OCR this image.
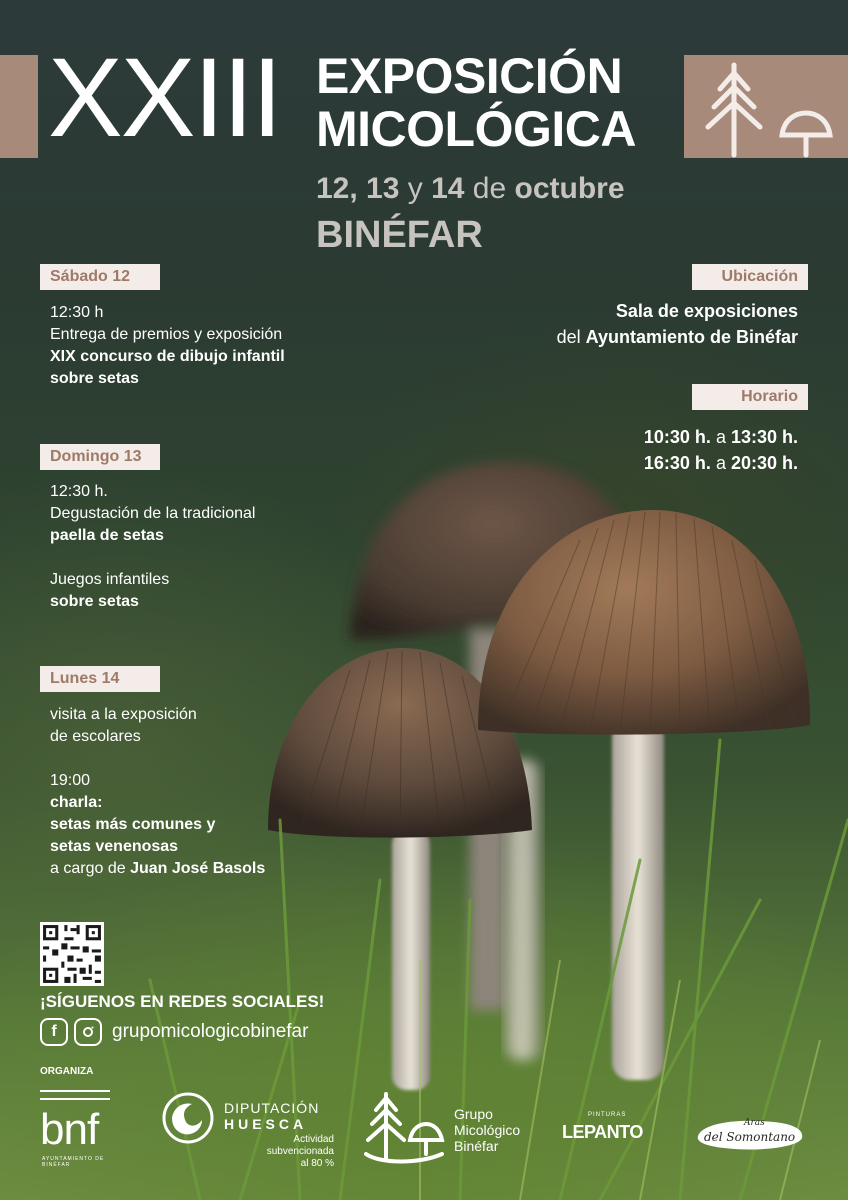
XXIII EXPOSICIÓN
MICOLÓGICA
12, 13 y 14 de octubre
BINÉFAR
Sábado 12
12:30 h
Entrega de premios y exposición
XIX concurso de dibujo infantil
sobre setas
Domingo 13
12:30 h.
Degustación de la tradicional
paella de setas
Juegos infantiles
sobre setas
Lunes 14
visita a la exposición
de escolares
19:00
charla:
setas más comunes y
setas venenosas
a cargo de Juan José Basols
Ubicación
Sala de exposiciones
del Ayuntamiento de Binéfar
Horario
10:30 h. a 13:30 h.
16:30 h. a 20:30 h.
¡SÍGUENOS EN REDES SOCIALES!
f	grupomicologicobinefar
ORGANIZA
bnf
AYUNTAMIENTO DE BINÉFAR
DIPUTACIÓN
HUESCA
Actividad
subvencionada
al 80 %
Grupo
Micológico
Binéfar
PINTURAS
LEPANTO	Aras
del Somontano
